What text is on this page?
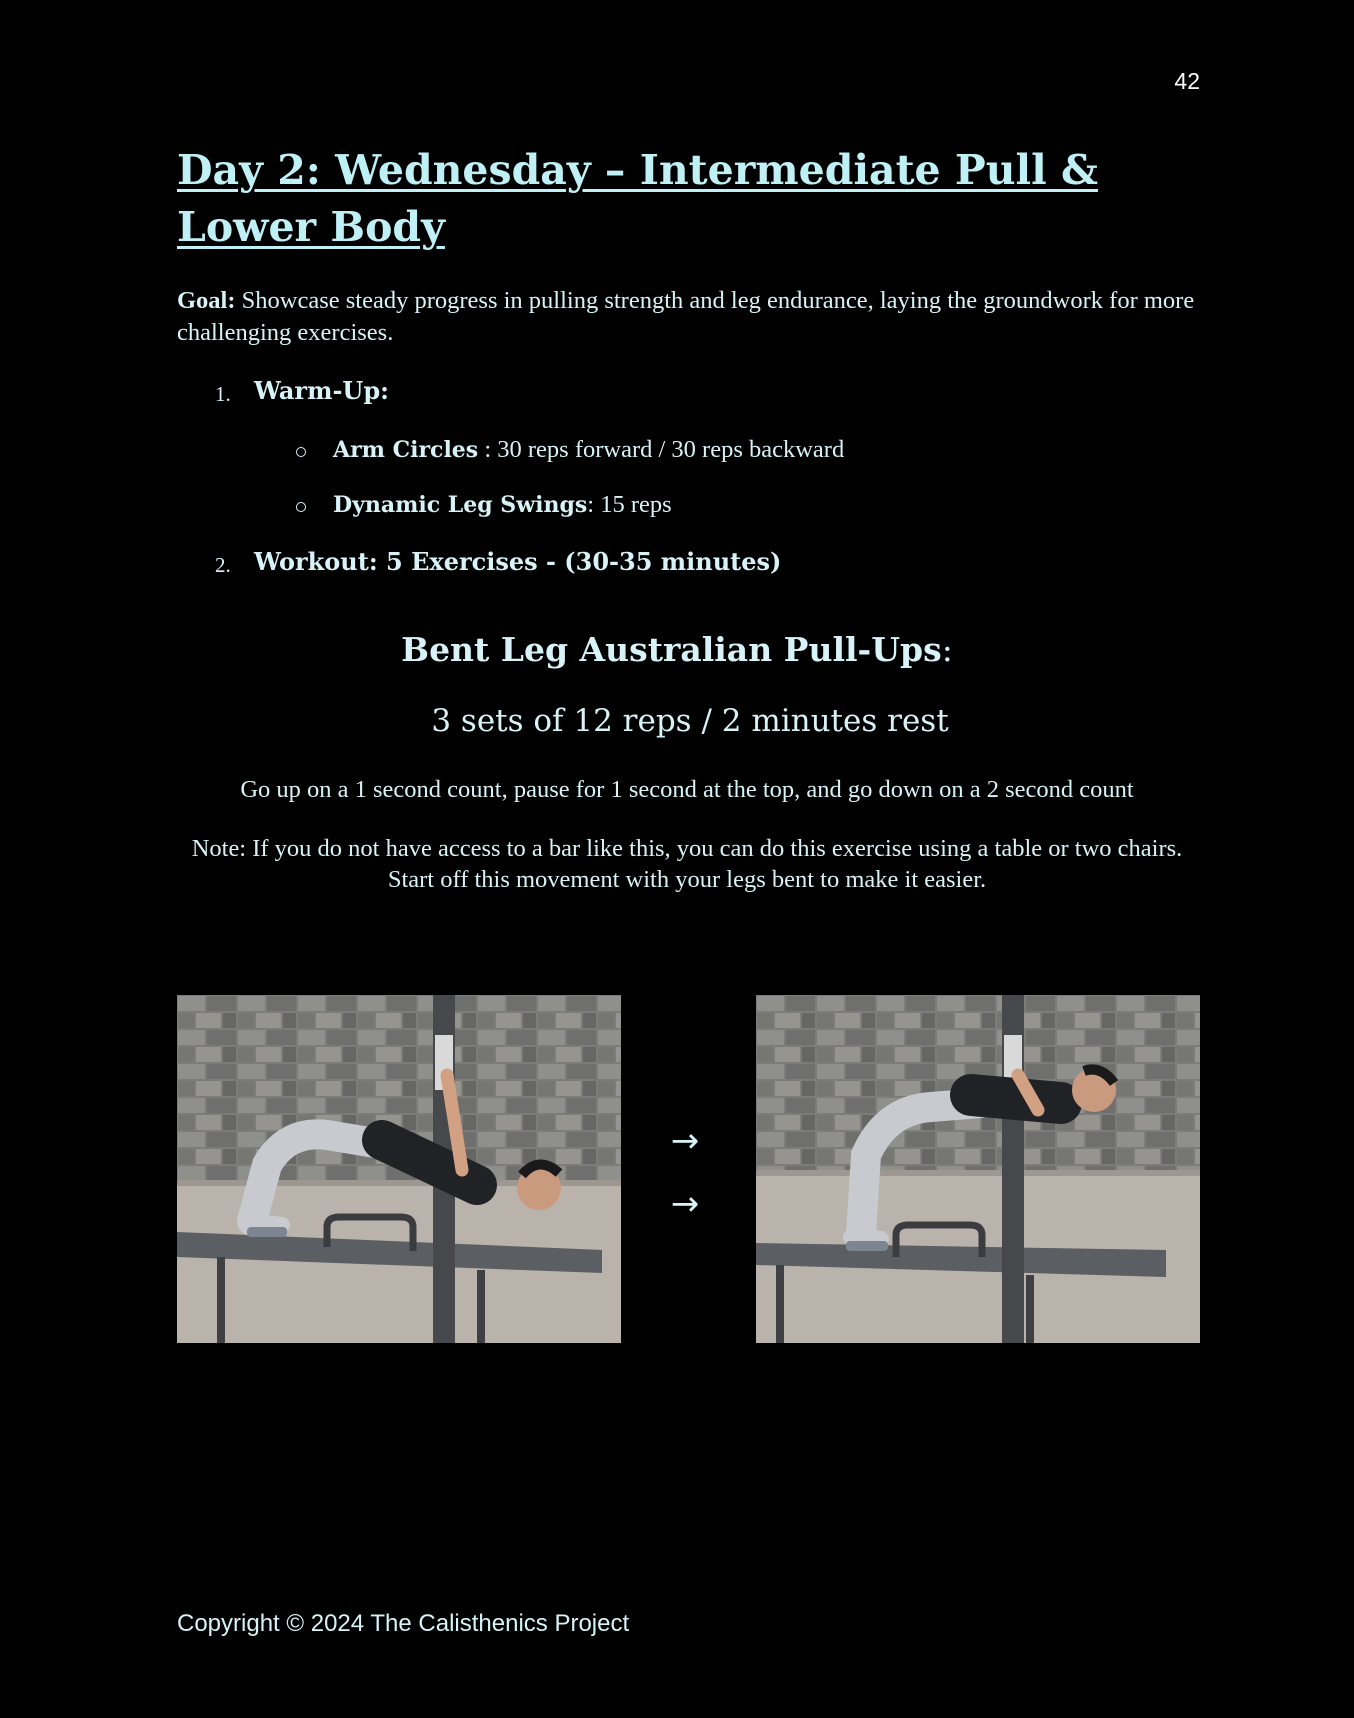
42
Day 2: Wednesday – Intermediate Pull & Lower Body
Goal: Showcase steady progress in pulling strength and leg endurance, laying the groundwork for more challenging exercises.
1. Warm-Up:
Arm Circles : 30 reps forward / 30 reps backward
Dynamic Leg Swings: 15 reps
2. Workout: 5 Exercises - (30-35 minutes)
Bent Leg Australian Pull-Ups:
3 sets of 12 reps / 2 minutes rest
Go up on a 1 second count, pause for 1 second at the top, and go down on a 2 second count
Note: If you do not have access to a bar like this, you can do this exercise using a table or two chairs. Start off this movement with your legs bent to make it easier.
→
→
Copyright © 2024 The Calisthenics Project
